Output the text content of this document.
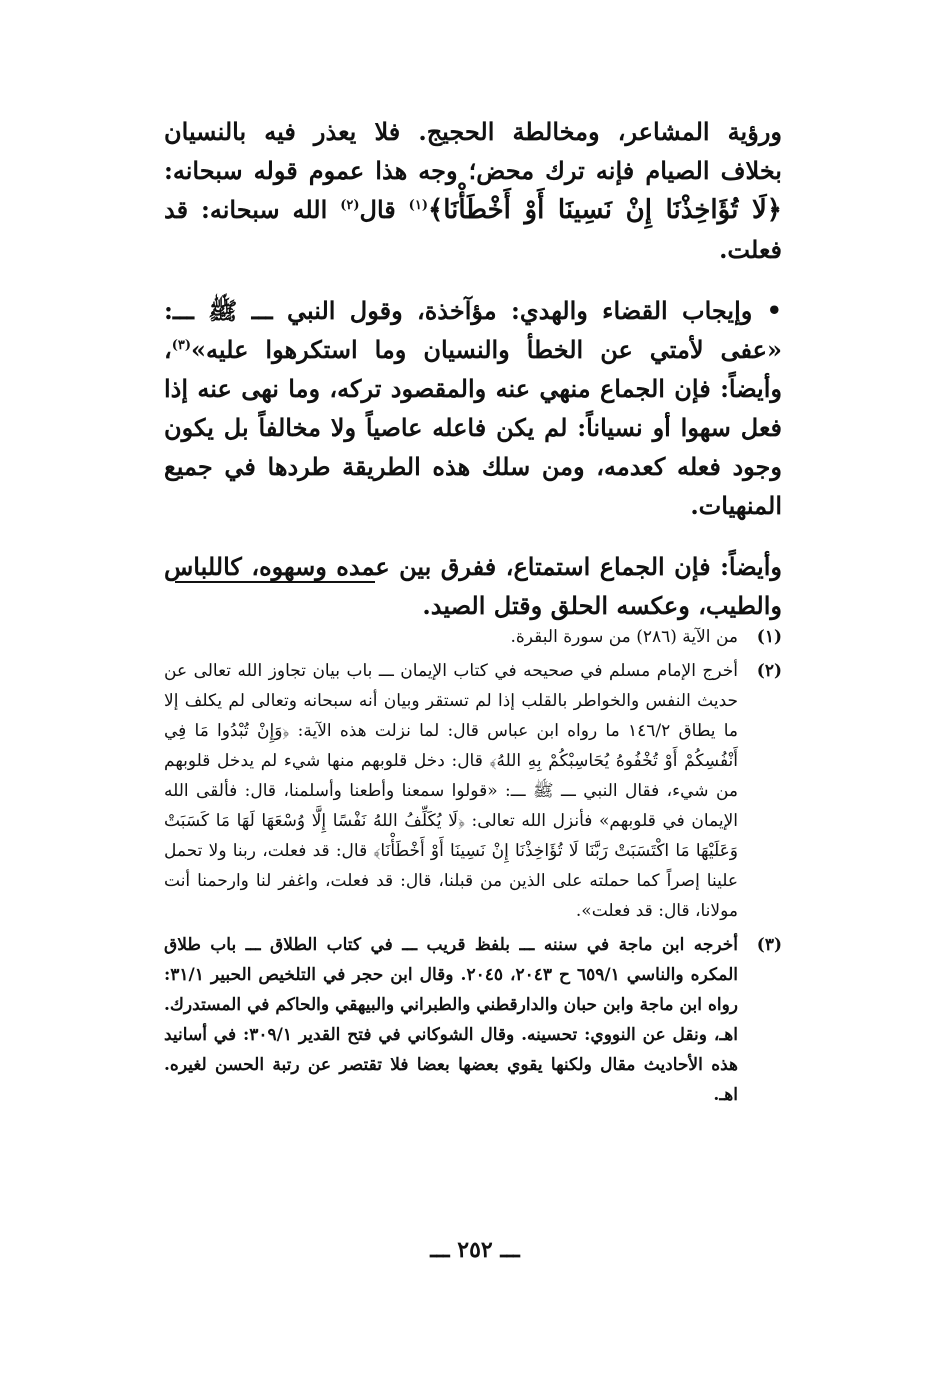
ورؤية المشاعر، ومخالطة الحجيج. فلا يعذر فيه بالنسيان بخلاف الصيام فإنه ترك محض؛ وجه هذا عموم قوله سبحانه: ﴿لَا تُؤَاخِذْنَا إِنْ نَسِينَا أَوْ أَخْطَأْنَا﴾$^{(١)}$ قال$^{(٢)}$ الله سبحانه: قد فعلت.

• وإيجاب القضاء والهدي: مؤآخذة، وقول النبي ـــ ﷺ ـــ: «عفى لأمتي عن الخطأ والنسيان وما استكرهوا عليه»$^{(٣)}$، وأيضاً: فإن الجماع منهي عنه والمقصود تركه، وما نهى عنه إذا فعل سهوا أو نسياناً: لم يكن فاعله عاصياً ولا مخالفاً بل يكون وجود فعله كعدمه، ومن سلك هذه الطريقة طردها في جميع المنهيات.

وأيضاً: فإن الجماع استمتاع، ففرق بين عمده وسهوه، كاللباس والطيب، وعكسه الحلق وقتل الصيد.

(١)
من الآية (٢٨٦) من سورة البقرة.
(٢)
أخرج الإمام مسلم في صحيحه في كتاب الإيمان ـــ باب بيان تجاوز الله تعالى عن حديث النفس والخواطر بالقلب إذا لم تستقر وبيان أنه سبحانه وتعالى لم يكلف إلا ما يطاق ١٤٦/٢ ما رواه ابن عباس قال: لما نزلت هذه الآية: ﴿وَإِنْ تُبْدُوا مَا فِي أَنْفُسِكُمْ أَوْ تُخْفُوهُ يُحَاسِبْكُمْ بِهِ اللهُ﴾ قال: دخل قلوبهم منها شيء لم يدخل قلوبهم من شيء، فقال النبي ـــ ﷺ ـــ: «قولوا سمعنا وأطعنا وأسلمنا، قال: فألقى الله الإيمان في قلوبهم» فأنزل الله تعالى: ﴿لَا يُكَلِّفُ اللهُ نَفْسًا إِلَّا وُسْعَهَا لَهَا مَا كَسَبَتْ وَعَلَيْهَا مَا اكْتَسَبَتْ رَبَّنَا لَا تُؤَاخِذْنَا إِنْ نَسِينَا أَوْ أَخْطَأْنَا﴾ قال: قد فعلت، ربنا ولا تحمل علينا إصراً كما حملته على الذين من قبلنا، قال: قد فعلت، واغفر لنا وارحمنا أنت مولانا، قال: قد فعلت».
(٣)
أخرجه ابن ماجة في سننه ـــ بلفظ قريب ـــ في كتاب الطلاق ـــ باب طلاق المكره والناسي ٦٥٩/١ ح ٢٠٤٣، ٢٠٤٥. وقال ابن حجر في التلخيص الحبير ٣١/١: رواه ابن ماجة وابن حبان والدارقطني والطبراني والبيهقي والحاكم في المستدرك. اهـ، ونقل عن النووي: تحسينه. وقال الشوكاني في فتح القدير ٣٠٩/١: في أسانيد هذه الأحاديث مقال ولكنها يقوي بعضها بعضا فلا تقتصر عن رتبة الحسن لغيره. اهـ.
ـــ ٢٥٢ ـــ
